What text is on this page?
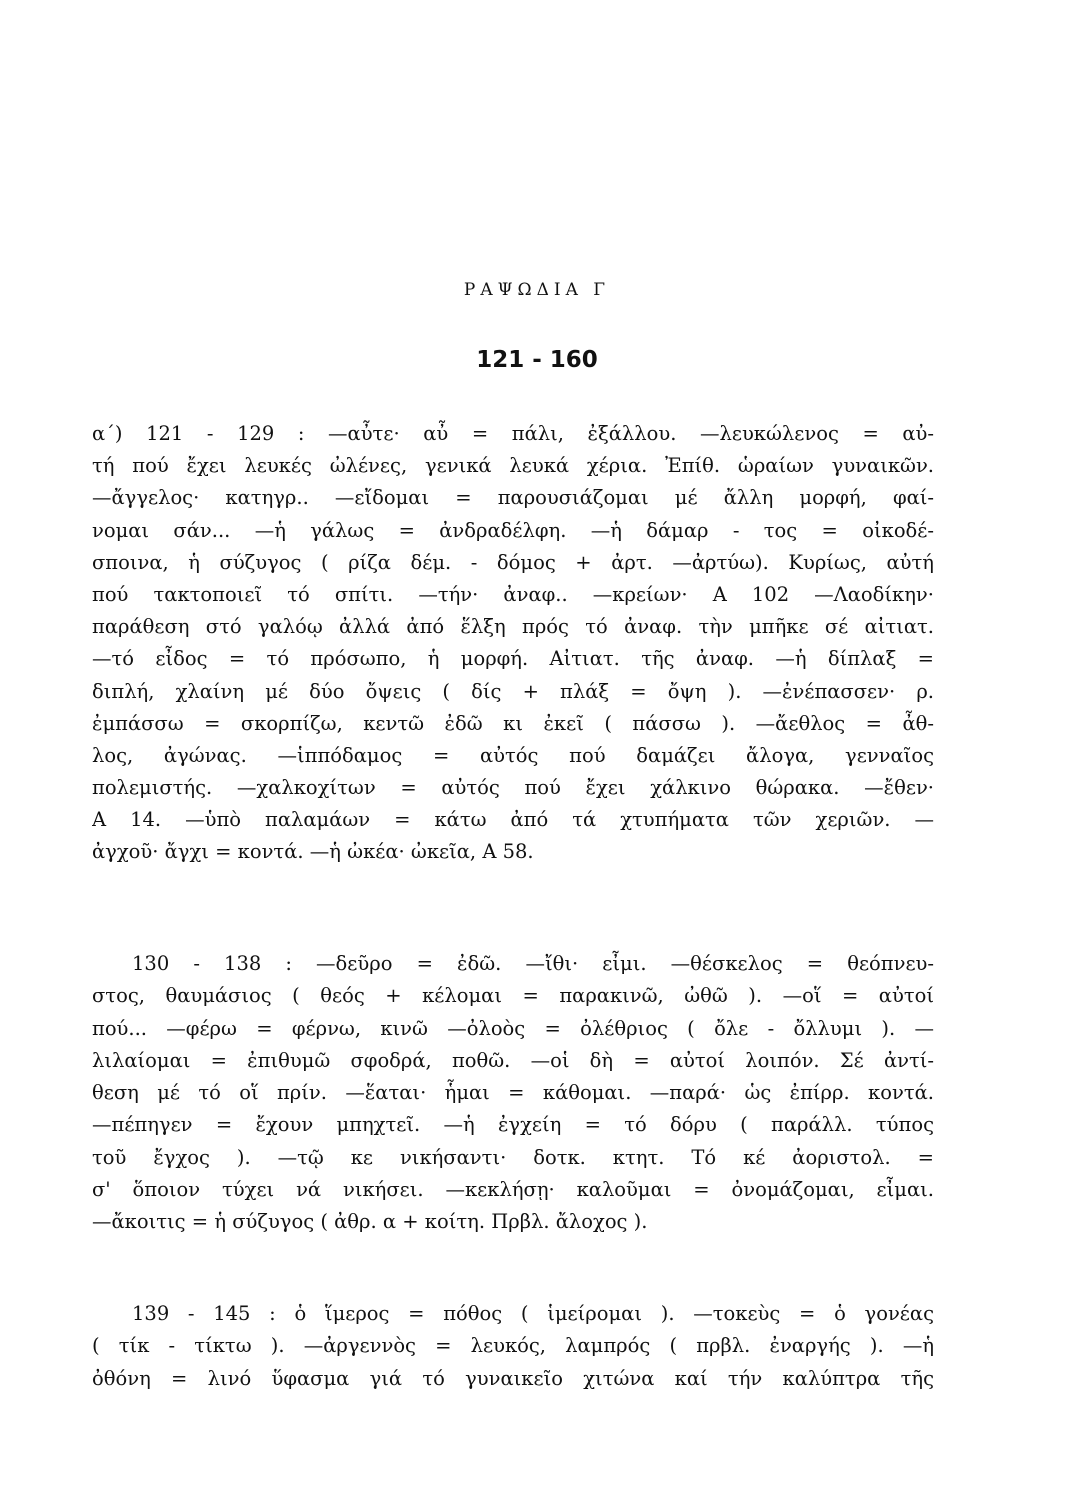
ΡΑΨΩΔΙΑ Γ
121 - 160
α΄) 121 - 129 : —αὖτε· αὖ = πάλι, ἐξάλλου. —λευκώλενος = αὐ-
τή πού ἔχει λευκές ὠλένες, γενικά λευκά χέρια. Ἐπίθ. ὡραίων γυναικῶν.
—ἄγγελος· κατηγρ.. —εἴδομαι = παρουσιάζομαι μέ ἄλλη μορφή, φαί-
νομαι σάν... —ἡ γάλως = ἀνδραδέλφη. —ἡ δάμαρ - τος = οἰκοδέ-
σποινα, ἡ σύζυγος ( ρίζα δέμ. - δόμος + ἀρτ. —ἀρτύω). Κυρίως, αὐτή
πού τακτοποιεῖ τό σπίτι. —τήν· ἀναφ.. —κρείων· Α 102 —Λαοδίκην·
παράθεση στό γαλόῳ ἀλλά ἀπό ἕλξη πρός τό ἀναφ. τὴν μπῆκε σέ αἰτιατ.
—τό εἶδος = τό πρόσωπο, ἡ μορφή. Αἰτιατ. τῆς ἀναφ. —ἡ δίπλαξ =
διπλή, χλαίνη μέ δύο ὄψεις ( δίς + πλάξ = ὄψη ). —ἐνέπασσεν· ρ.
ἐμπάσσω = σκορπίζω, κεντῶ ἐδῶ κι ἐκεῖ ( πάσσω ). —ἄεθλος = ἆθ-
λος, ἀγώνας. —ἱππόδαμος = αὐτός πού δαμάζει ἄλογα, γενναῖος
πολεμιστής. —χαλκοχίτων = αὐτός πού ἔχει χάλκινο θώρακα. —ἔθεν·
Α 14. —ὑπὸ παλαμάων = κάτω ἀπό τά χτυπήματα τῶν χεριῶν. —
ἀγχοῦ· ἄγχι = κοντά. —ἡ ὠκέα· ὠκεῖα, Α 58.
130 - 138 : —δεῦρο = ἐδῶ. —ἴθι· εἶμι. —θέσκελος = θεόπνευ-
στος, θαυμάσιος ( θεός + κέλομαι = παρακινῶ, ὠθῶ ). —οἵ = αὐτοί
πού... —φέρω = φέρνω, κινῶ —ὀλοὸς = ὀλέθριος ( ὄλε - ὄλλυμι ). —
λιλαίομαι = ἐπιθυμῶ σφοδρά, ποθῶ. —οἱ δὴ = αὐτοί λοιπόν. Σέ ἀντί-
θεση μέ τό οἵ πρίν. —ἕαται· ἧμαι = κάθομαι. —παρά· ὡς ἐπίρρ. κοντά.
—πέπηγεν = ἔχουν μπηχτεῖ. —ἡ ἐγχείη = τό δόρυ ( παράλλ. τύπος
τοῦ ἔγχος ). —τῷ κε νικήσαντι· δοτκ. κτητ. Τό κέ ἀοριστολ. =
σ' ὅποιον τύχει νά νικήσει. —κεκλήσῃ· καλοῦμαι = ὀνομάζομαι, εἶμαι.
—ἄκοιτις = ἡ σύζυγος ( ἀθρ. α + κοίτη. Πρβλ. ἄλοχος ).
139 - 145 : ὁ ἵμερος = πόθος ( ἱμείρομαι ). —τοκεὺς = ὁ γονέας
( τίκ - τίκτω ). —ἀργεννὸς = λευκός, λαμπρός ( πρβλ. ἐναργής ). —ἡ
ὀθόνη = λινό ὕφασμα γιά τό γυναικεῖο χιτώνα καί τήν καλύπτρα τῆς
